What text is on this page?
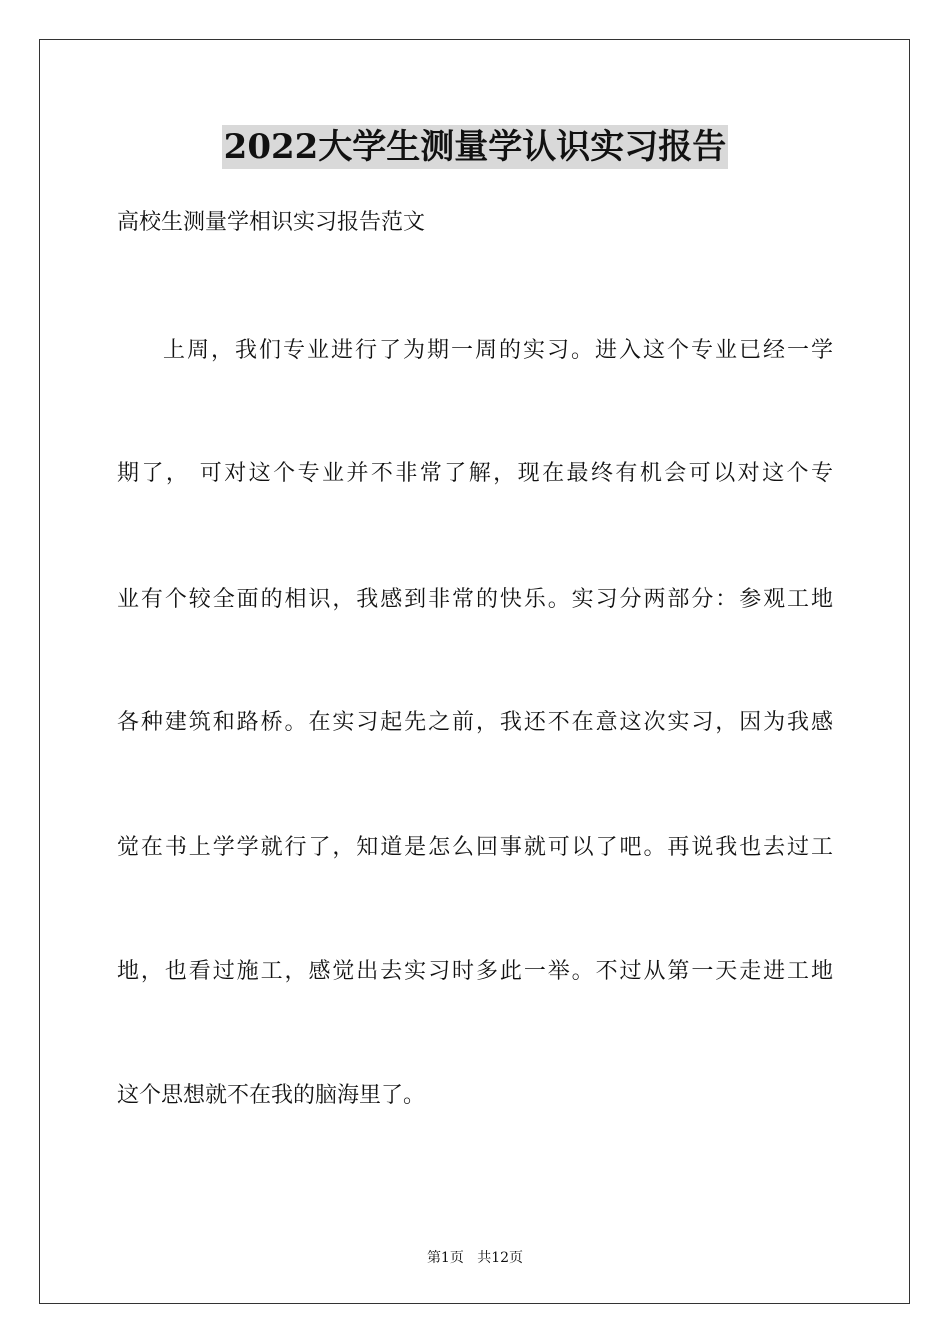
2022大学生测量学认识实习报告
高校生测量学相识实习报告范文
上周，我们专业进行了为期一周的实习。进入这个专业已经一学
期了， 可对这个专业并不非常了解，现在最终有机会可以对这个专
业有个较全面的相识，我感到非常的快乐。实习分两部分：参观工地
各种建筑和路桥。在实习起先之前，我还不在意这次实习，因为我感
觉在书上学学就行了，知道是怎么回事就可以了吧。再说我也去过工
地，也看过施工，感觉出去实习时多此一举。不过从第一天走进工地
这个思想就不在我的脑海里了。
第1页 共12页
